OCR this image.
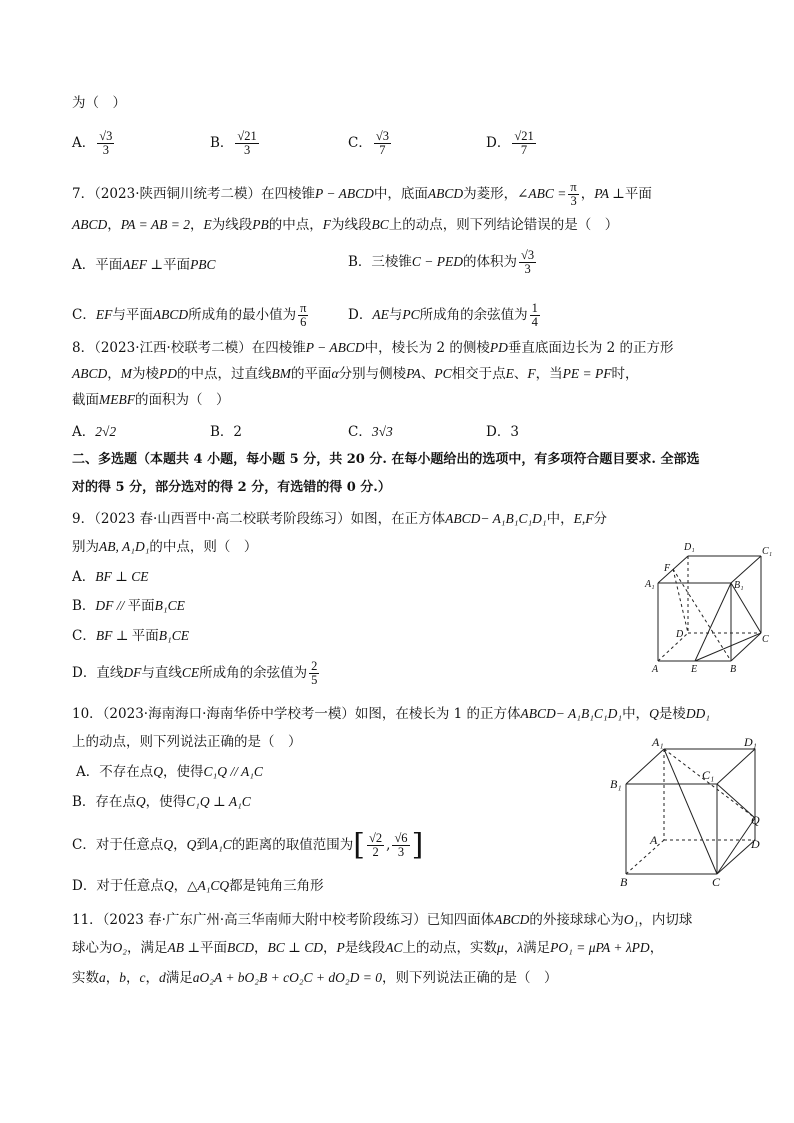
为（　）
A． $\frac{√3}{3}$	B． $\frac{√21}{3}$	C． $\frac{√3}{7}$	D． $\frac{√21}{7}$
7．（2023·陕西铜川统考二模）在四棱锥P − ABCD中，底面ABCD为菱形，∠ABC = $\frac{\pi}{3}$ ，PA ⊥平面
ABCD，PA = AB = 2，E为线段PB的中点，F为线段BC上的动点，则下列结论错误的是（　）
A．平面AEF ⊥平面PBC	B．三棱锥C − PED的体积为 $\frac{√3}{3}$
C．EF与平面ABCD所成角的最小值为 $\frac{\pi}{6}$	D．AE与PC所成角的余弦值为 $\frac{1}{4}$
8．（2023·江西·校联考二模）在四棱锥P − ABCD中，棱长为 2 的侧棱PD垂直底面边长为 2 的正方形
ABCD，M为棱PD的中点，过直线BM的平面α分别与侧棱PA、PC相交于点E、F，当PE = PF时，
截面MEBF的面积为（　）
A．2√2	B．2	C．3√3	D．3
二、多选题（本题共 4 小题，每小题 5 分，共 20 分. 在每小题给出的选项中，有多项符合题目要求. 全部选
对的得 5 分，部分选对的得 2 分，有选错的得 0 分.）
9．（2023 春·山西晋中·高二校联考阶段练习）如图，在正方体ABCD− A₁B₁C₁D₁中，E,F分
别为AB, A₁D₁的中点，则（　）
A．BF ⊥ CE
B．DF // 平面B₁CE
C．BF ⊥ 平面B₁CE
D．直线DF与直线CE所成角的余弦值为 $\frac{2}{5}$
D₁	C₁
A₁
F
B₁
D	C
A	E	B
10．（2023·海南海口·海南华侨中学校考一模）如图，在棱长为 1 的正方体ABCD− A₁B₁C₁D₁中，Q是棱DD₁
上的动点，则下列说法正确的是（　）
A．不存在点Q，使得C₁Q // A₁C
B．存在点Q，使得C₁Q ⊥ A₁C
C．对于任意点Q，Q到A₁C的距离的取值范围为[ $\frac{√2}{2}$ , $\frac{√6}{3}$ ]
D．对于任意点Q，△A₁CQ都是钝角三角形
A₁	D₁
B₁
C₁
Q
A	D
B	C
11．（2023 春·广东广州·高三华南师大附中校考阶段练习）已知四面体ABCD的外接球球心为O₁，内切球
球心为O₂，满足AB ⊥平面BCD，BC ⊥ CD，P是线段AC上的动点，实数μ，λ满足PO₁ = μPA + λPD，
实数a，b，c，d满足aO₂A + bO₂B + cO₂C + dO₂D = 0，则下列说法正确的是（　）
